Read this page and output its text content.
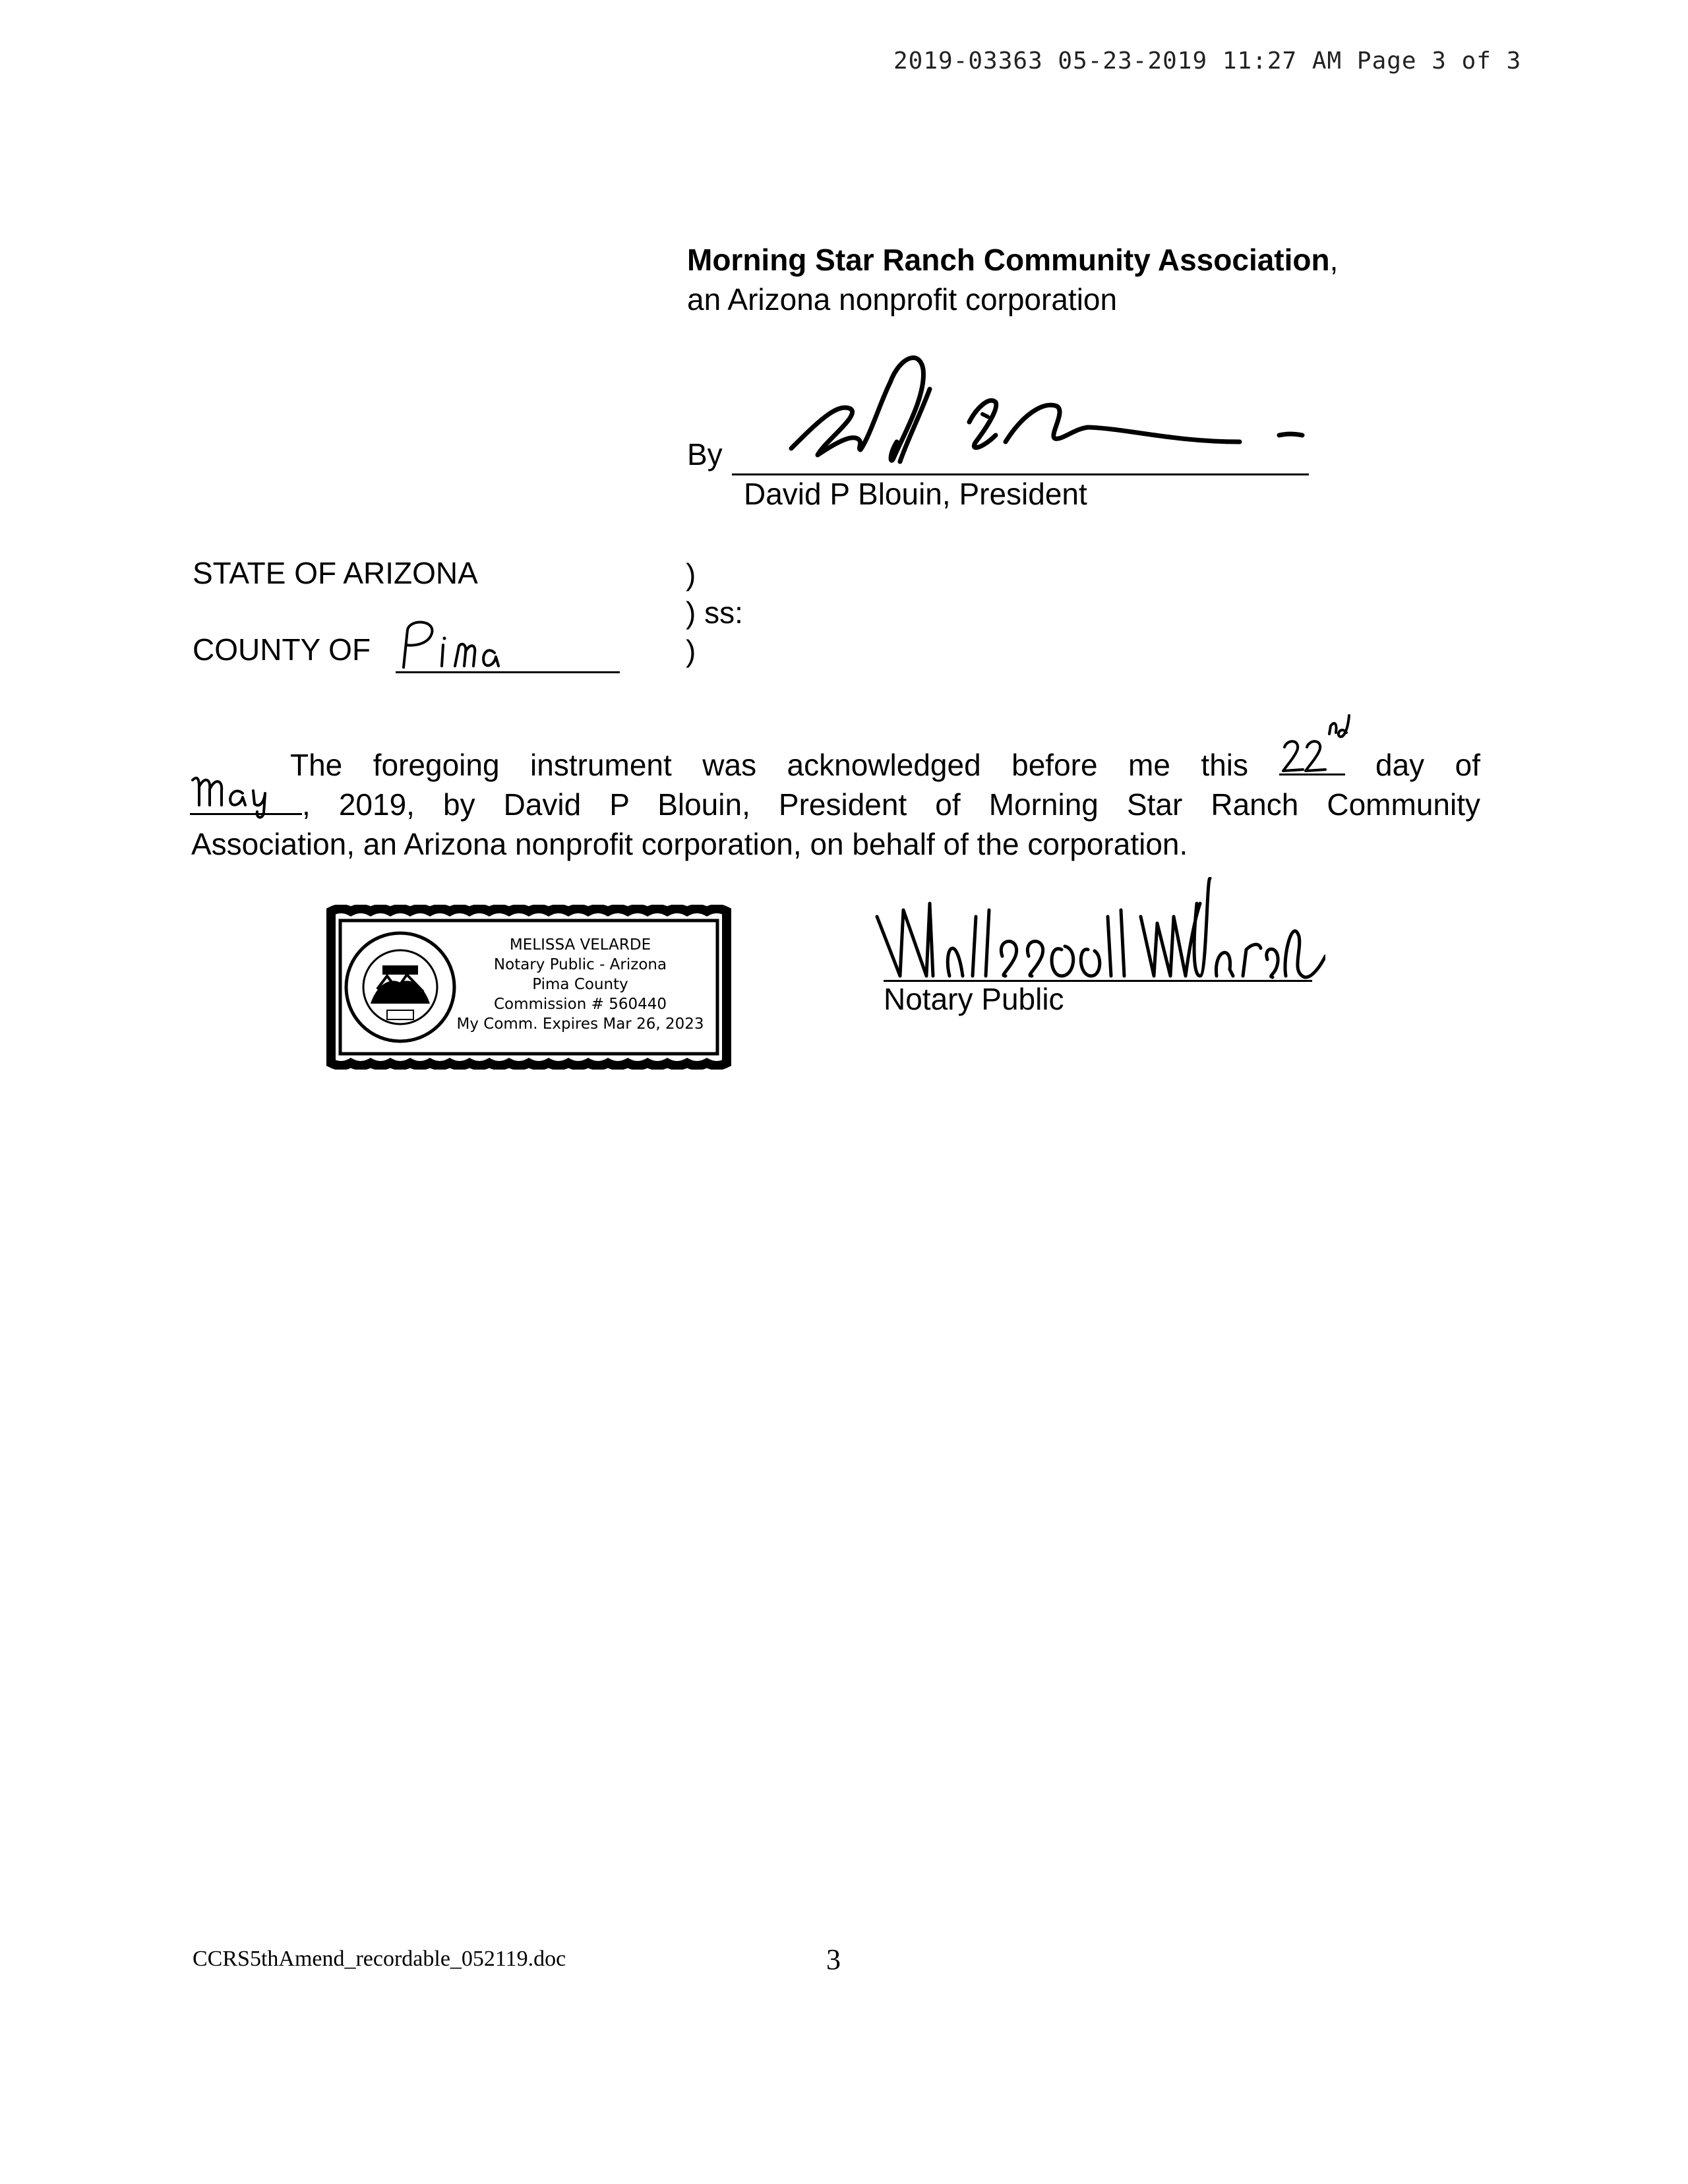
2019-03363 05-23-2019 11:27 AM Page 3 of 3
Morning Star Ranch Community Association,
an Arizona nonprofit corporation
By
David P Blouin, President
STATE OF ARIZONA
COUNTY OF
)
) ss:
)

The foregoing instrument was acknowledged before me this	day of

, 2019, by David P Blouin, President of Morning Star Ranch Community

Association, an Arizona nonprofit corporation, on behalf of the corporation.

MELISSA VELARDE
Notary Public - Arizona
Pima County
Commission # 560440
My Comm. Expires Mar 26, 2023
Notary Public
CCRS5thAmend_recordable_052119.doc	3
